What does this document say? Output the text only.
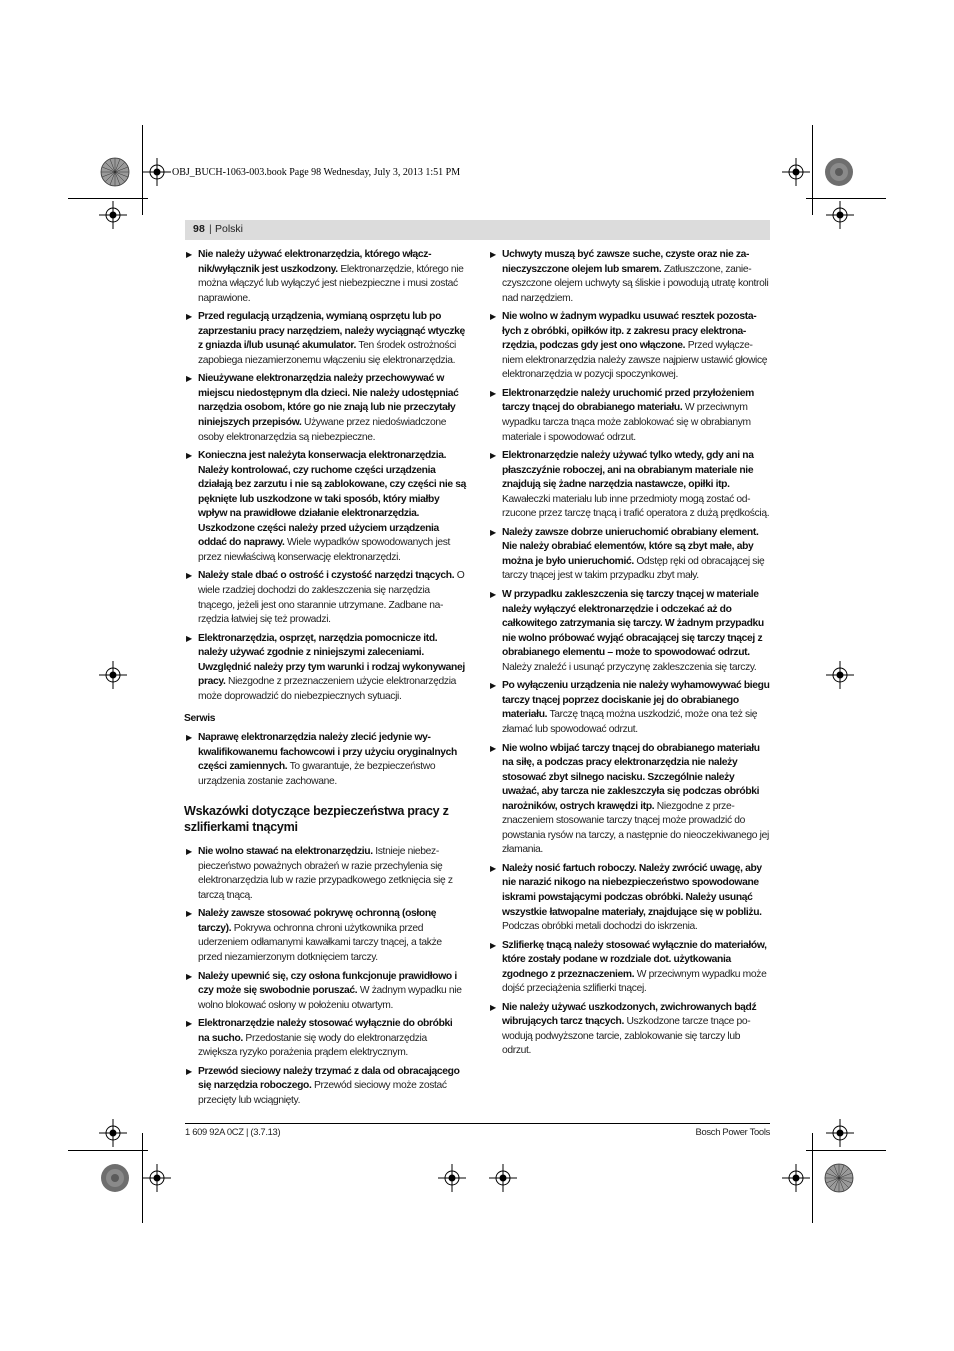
OBJ_BUCH-1063-003.book Page 98 Wednesday, July 3, 2013 1:51 PM
98 | Polski
▶ Nie należy używać elektronarzędzia, którego włącznik/wyłącznik jest uszkodzony. Elektronarzędzie, którego nie można włączyć lub wyłączyć jest niebezpieczne i musi zostać naprawione.
▶ Przed regulacją urządzenia, wymianą osprzętu lub po zaprzestaniu pracy narzędziem, należy wyciągnąć wtyczkę z gniazda i/lub usunąć akumulator. Ten środek ostrożności zapobiega niezamierzonemu włączeniu się elektronarzędzia.
▶ Nieużywane elektronarzędzia należy przechowywać w miejscu niedostępnym dla dzieci. Nie należy udostępniać narzędzia osobom, które go nie znają lub nie przeczytały niniejszych przepisów. Używane przez niedoświadczone osoby elektronarzędzia są niebezpieczne.
▶ Konieczna jest należyta konserwacja elektronarzędzia. Należy kontrolować, czy ruchome części urządzenia działają bez zarzutu i nie są zablokowane, czy części nie są pęknięte lub uszkodzone w taki sposób, który miałby wpływ na prawidłowe działanie elektronarzędzia. Uszkodzone części należy przed użyciem urządzenia oddać do naprawy. Wiele wypadków spowodowanych jest przez niewłaściwą konserwację elektronarzędzi.
▶ Należy stale dbać o ostrość i czystość narzędzi tnących. O wiele rzadziej dochodzi do zakleszczenia się narzędzia tnącego, jeżeli jest ono starannie utrzymane. Zadbane narzędzia łatwiej się też prowadzi.
▶ Elektronarzędzia, osprzęt, narzędzia pomocnicze itd. należy używać zgodnie z niniejszymi zaleceniami. Uwzględnić należy przy tym warunki i rodzaj wykonywanej pracy. Niezgodne z przeznaczeniem użycie elektronarzędzia może doprowadzić do niebezpiecznych sytuacji.
Serwis
▶ Naprawę elektronarzędzia należy zlecić jedynie wykwalifikowanemu fachowcowi i przy użyciu oryginalnych części zamiennych. To gwarantuje, że bezpieczeństwo urządzenia zostanie zachowane.
Wskazówki dotyczące bezpieczeństwa pracy z szlifierkami tnącymi
▶ Nie wolno stawać na elektronarzędziu. Istnieje niebezpieczeństwo poważnych obrażeń w razie przechylenia się elektronarzędzia lub w razie przypadkowego zetknięcia się z tarczą tnącą.
▶ Należy zawsze stosować pokrywę ochronną (osłonę tarczy). Pokrywa ochronna chroni użytkownika przed uderzeniem odłamanymi kawałkami tarczy tnącej, a także przed niezamierzonym dotknięciem tarczy.
▶ Należy upewnić się, czy osłona funkcjonuje prawidłowo i czy może się swobodnie poruszać. W żadnym wypadku nie wolno blokować osłony w położeniu otwartym.
▶ Elektronarzędzie należy stosować wyłącznie do obróbki na sucho. Przedostanie się wody do elektronarzędzia zwiększa ryzyko porażenia prądem elektrycznym.
▶ Przewód sieciowy należy trzymać z dala od obracającego się narzędzia roboczego. Przewód sieciowy może zostać przecięty lub wciągnięty.
▶ Uchwyty muszą być zawsze suche, czyste oraz nie zanieczyszczone olejem lub smarem. Zatłuszczone, zanieczyszczone olejem uchwyty są śliskie i powodują utratę kontroli nad narzędziem.
▶ Nie wolno w żadnym wypadku usuwać resztek pozostałych z obróbki, opiłków itp. z zakresu pracy elektronarzędzia, podczas gdy jest ono włączone. Przed wyłączeniem elektronarzędzia należy zawsze najpierw ustawić głowicę elektronarzędzia w pozycji spoczynkowej.
▶ Elektronarzędzie należy uruchomić przed przyłożeniem tarczy tnącej do obrabianego materiału. W przeciwnym wypadku tarcza tnąca może zablokować się w obrabianym materiale i spowodować odrzut.
▶ Elektronarzędzie należy używać tylko wtedy, gdy ani na płaszczyźnie roboczej, ani na obrabianym materiale nie znajdują się żadne narzędzia nastawcze, opiłki itp. Kawałeczki materiału lub inne przedmioty mogą zostać odrzucone przez tarczę tnącą i trafić operatora z dużą prędkością.
▶ Należy zawsze dobrze unieruchomić obrabiany element. Nie należy obrabiać elementów, które są zbyt małe, aby można je było unieruchomić. Odstęp ręki od obracającej się tarczy tnącej jest w takim przypadku zbyt mały.
▶ W przypadku zakleszczenia się tarczy tnącej w materiale należy wyłączyć elektronarzędzie i odczekać aż do całkowitego zatrzymania się tarczy. W żadnym przypadku nie wolno próbować wyjąć obracającej się tarczy tnącej z obrabianego elementu – może to spowodować odrzut. Należy znaleźć i usunąć przyczynę zakleszczenia się tarczy.
▶ Po wyłączeniu urządzenia nie należy wyhamowywać biegu tarczy tnącej poprzez dociskanie jej do obrabianego materiału. Tarczę tnącą można uszkodzić, może ona też się złamać lub spowodować odrzut.
▶ Nie wolno wbijać tarczy tnącej do obrabianego materiału na siłę, a podczas pracy elektronarzędzia nie należy stosować zbyt silnego nacisku. Szczególnie należy uważać, aby tarcza nie zakleszczyła się podczas obróbki narożników, ostrych krawędzi itp. Niezgodne z przeznaczeniem stosowanie tarczy tnącej może prowadzić do powstania rysów na tarczy, a następnie do nieoczekiwanego jej złamania.
▶ Należy nosić fartuch roboczy. Należy zwrócić uwagę, aby nie narazić nikogo na niebezpieczeństwo spowodowane iskrami powstającymi podczas obróbki. Należy usunąć wszystkie łatwopalne materiały, znajdujące się w pobliżu. Podczas obróbki metali dochodzi do iskrzenia.
▶ Szlifierkę tnącą należy stosować wyłącznie do materiałów, które zostały podane w rozdziale dot. użytkowania zgodnego z przeznaczeniem. W przeciwnym wypadku może dojść przeciążenia szlifierki tnącej.
▶ Nie należy używać uszkodzonych, zwichrowanych bądź wibrujących tarcz tnących. Uszkodzone tarcze tnące powodują podwyższone tarcie, zablokowanie się tarczy lub odrzut.
1 609 92A 0CZ | (3.7.13)	Bosch Power Tools
